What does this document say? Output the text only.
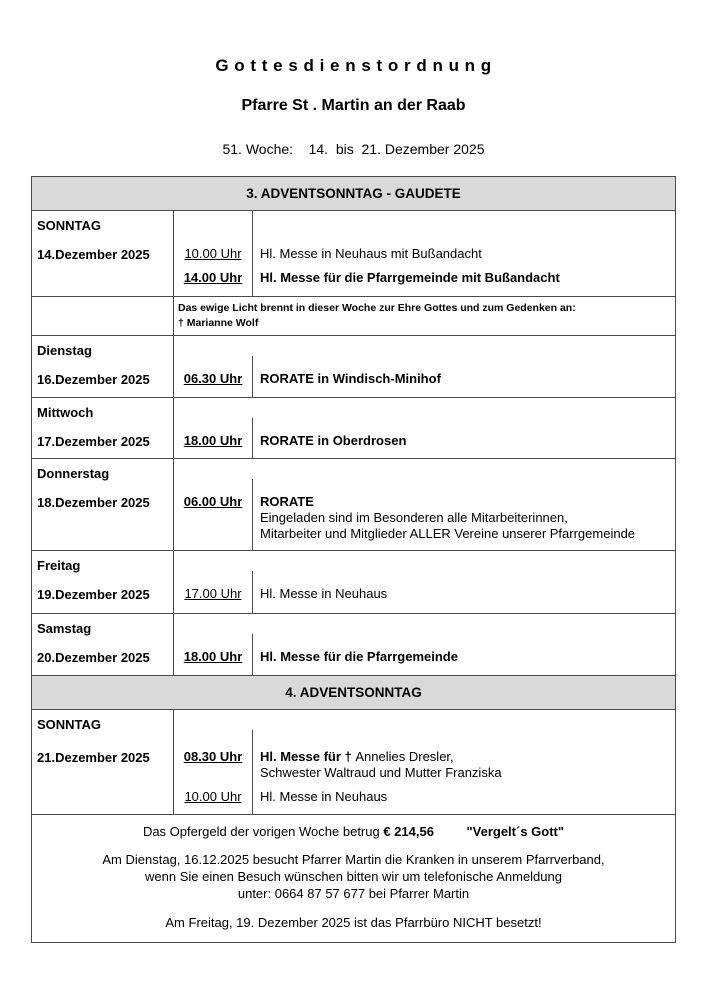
G o t t e s d i e n s t o r d n u n g
Pfarre St . Martin an der Raab
51. Woche:    14.  bis  21. Dezember 2025
3. ADVENTSONNTAG - GAUDETE
SONNTAG
14.Dezember 2025	10.00 Uhr	Hl. Messe in Neuhaus mit Bußandacht
14.00 Uhr	Hl. Messe für die Pfarrgemeinde mit Bußandacht
Das ewige Licht brennt in dieser Woche zur Ehre Gottes und zum Gedenken an:
† Marianne Wolf
Dienstag
16.Dezember 2025	06.30 Uhr	RORATE in Windisch-Minihof
Mittwoch
17.Dezember 2025	18.00 Uhr	RORATE in Oberdrosen
Donnerstag
18.Dezember 2025	06.00 Uhr	RORATE
Eingeladen sind im Besonderen alle Mitarbeiterinnen,
Mitarbeiter und Mitglieder ALLER Vereine unserer Pfarrgemeinde
Freitag
19.Dezember 2025	17.00 Uhr	Hl. Messe in Neuhaus
Samstag
20.Dezember 2025	18.00 Uhr	Hl. Messe für die Pfarrgemeinde
4. ADVENTSONNTAG
SONNTAG
21.Dezember 2025	08.30 Uhr	Hl. Messe für † Annelies Dresler,
Schwester Waltraud und Mutter Franziska
10.00 Uhr	Hl. Messe in Neuhaus
Das Opfergeld der vorigen Woche betrug € 214,56	"Vergelt´s Gott"
Am Dienstag, 16.12.2025 besucht Pfarrer Martin die Kranken in unserem Pfarrverband,
wenn Sie einen Besuch wünschen bitten wir um telefonische Anmeldung
unter: 0664 87 57 677 bei Pfarrer Martin
Am Freitag, 19. Dezember 2025 ist das Pfarrbüro NICHT besetzt!
